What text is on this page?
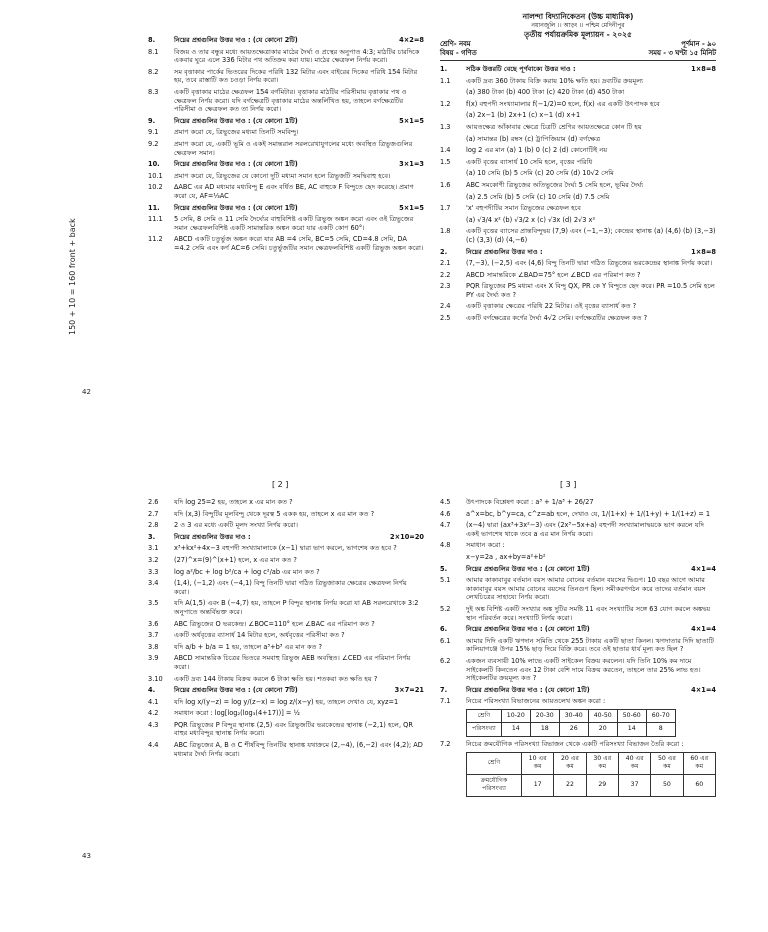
150 + 10 = 160 front + back
42
43
8.	নিম্নের প্রশ্নগুলির উত্তর দাও : (যে কোনো 2টি)	4×2=8
8.1	বিজয় ও তার বন্ধুর মধ্যে আয়তক্ষেত্রাকার মাঠের দৈর্ঘ্য ও প্রস্থের অনুপাত 4:3; মাঠটির চারদিকে একবার ঘুরে এলে 336 মিটার পথ অতিক্রম করা যায়। মাঠের ক্ষেত্রফল নির্ণয় করো।
8.2	সম বৃত্তাকার পার্কের ভিতরের দিকের পরিধি 132 মিটার এবং বাইরের দিকের পরিধি 154 মিটার হয়, তবে রাস্তাটি কত চওড়া নির্ণয় করো।
8.3	একটি বৃত্তাকার মাঠের ক্ষেত্রফল 154 বর্গমিটার। বৃত্তাকার মাঠটির পরিসীমায় বৃত্তাকার পথ ও ক্ষেত্রফল নির্ণয় করো। যদি বর্গক্ষেত্রটি বৃত্তাকার মাঠের অন্তর্লিখিত হয়, তাহলে বর্গক্ষেত্রটির পরিসীমা ও ক্ষেত্রফল কত তা নির্ণয় করো।
9.	নিম্নের প্রশ্নগুলির উত্তর দাও : (যে কোনো 1টি)	5×1=5
9.1	প্রমাণ করো যে, ত্রিভুজের মধ্যমা তিনটি সমবিন্দু।
9.2	প্রমাণ করো যে, একটি ভূমি ও একই সমান্তরাল সরলরেখাযুগলের মধ্যে অবস্থিত ত্রিভুজগুলির ক্ষেত্রফল সমান।
10.	নিম্নের প্রশ্নগুলির উত্তর দাও : (যে কোনো 1টি)	3×1=3
10.1	প্রমাণ করো যে, ত্রিভুজের যে কোনো দুটি মধ্যমা সমান হলে ত্রিভুজটি সমদ্বিবাহু হবে।
10.2	∆ABC এর AD মধ্যমার মধ্যবিন্দু E এবং বর্ধিত BE, AC বাহুকে F বিন্দুতে ছেদ করেছে। প্রমাণ করো যে, AF=⅓AC
11.	নিম্নের প্রশ্নগুলির উত্তর দাও : (যে কোনো 1টি)	5×1=5
11.1	5 সেমি, 8 সেমি ও 11 সেমি দৈর্ঘ্যের বাহুবিশিষ্ট একটি ত্রিভুজ অঙ্কন করো এবং ওই ত্রিভুজের সমান ক্ষেত্রফলবিশিষ্ট একটি সামান্তরিক অঙ্কন করো যার একটি কোণ 60°।
11.2	ABCD একটি চতুর্ভুজ অঙ্কন করো যার AB =4 সেমি, BC=5 সেমি, CD=4.8 সেমি, DA =4.2 সেমি এবং কর্ণ AC=6 সেমি। চতুর্ভুজটির সমান ক্ষেত্রফলবিশিষ্ট একটি ত্রিভুজ অঙ্কন করো।
নালন্দা বিদ্যানিকেতন (উচ্চ মাধ্যমিক)
নয়ানজুলি ।। আড়ং ।। পশ্চিম মেদিনীপুর
তৃতীয় পর্যায়ক্রমিক মূল্যায়ন - ২০২৫
শ্রেণি- নবম	পূর্ণমান - ৯০
বিষয় - গণিত	সময় - ৩ ঘণ্টা ১৫ মিনিট
1.	সঠিক উত্তরটি বেছে পূর্ণবাক্যে উত্তর দাও :	1×8=8
1.1	একটি দ্রব্য 360 টাকায় বিক্রি করায় 10% ক্ষতি হয়। দ্রব্যটির ক্রয়মূল্য
(a) 380 টাকা (b) 400 টাকা (c) 420 টাকা (d) 450 টাকা
1.2	f(x) বহুপদী সংখ্যামালার f(−1/2)=0 হলে, f(x) এর একটি উৎপাদক হবে
(a) 2x−1 (b) 2x+1 (c) x−1 (d) x+1
1.3	আয়তক্ষেত্র আঁকাবার ক্ষেত্রে চিত্রটি শ্রেণির আয়তক্ষেত্রে কোন টি হয়
(a) সামান্তর (b) রম্বস (c) ট্রাপিজিয়াম (d) বর্গক্ষেত্র
1.4	log 2 এর মান (a) 1 (b) 0 (c) 2 (d) কোনোটিই নয়
1.5	একটি বৃত্তের ব্যাসার্ধ 10 সেমি হলে, বৃত্তের পরিধি
(a) 10 সেমি (b) 5 সেমি (c) 20 সেমি (d) 10√2 সেমি
1.6	ABC সমকোণী ত্রিভুজের অতিভুজের দৈর্ঘ্য 5 সেমি হলে, ভূমির দৈর্ঘ্য
(a) 2.5 সেমি (b) 5 সেমি (c) 10 সেমি (d) 7.5 সেমি
1.7	'x' বহুপদীটির সমান ত্রিভুজের ক্ষেত্রফল হবে
(a) √3/4 x² (b) √3/2 x (c) √3x (d) 2√3 x²
1.8	একটি বৃত্তের ব্যাসের প্রান্তবিন্দুদ্বয় (7,9) এবং (−1,−3); কেন্দ্রের স্থানাঙ্ক (a) (4,6) (b) (3,−3) (c) (3,3) (d) (4,−6)
2.	নিম্নের প্রশ্নগুলির উত্তর দাও :	1×8=8
2.1	(7,−3), (−2,5) এবং (4,6) বিন্দু তিনটি দ্বারা গঠিত ত্রিভুজের ভরকেন্দ্রের স্থানাঙ্ক নির্ণয় করো।
2.2	ABCD সামান্তরিকে ∠BAD=75° হলে ∠BCD এর পরিমাপ কত ?
2.3	PQR ত্রিভুজের PS মধ্যমা এবং X বিন্দু QX, PR কে Y বিন্দুতে ছেদ করে। PR =10.5 সেমি হলে PY এর দৈর্ঘ্য কত ?
2.4	একটি বৃত্তাকার ক্ষেত্রের পরিধি 22 মিটার। ওই বৃত্তের ব্যাসার্ধ কত ?
2.5	একটি বর্গক্ষেত্রের কর্ণের দৈর্ঘ্য 4√2 সেমি। বর্গক্ষেত্রটির ক্ষেত্রফল কত ?
[ 2 ]	[ 3 ]
2.6	যদি log 25=2 হয়, তাহলে x এর মান কত ?
2.7	যদি (x,3) বিন্দুটির মূলবিন্দু থেকে দূরত্ব 5 একক হয়, তাহলে x এর মান কত ?
2.8	2 ও 3 এর মধ্যে একটি মূলদ সংখ্যা নির্ণয় করো।
3.	নিম্নের প্রশ্নগুলির উত্তর দাও :	2×10=20
3.1	x³+kx²+4x−3 বহুপদী সংখ্যামালাকে (x−1) দ্বারা ভাগ করলে, ভাগশেষ কত হবে ?
3.2	(27)^x=(9)^(x+1) হলে, x এর মান কত ?
3.3	log a²/bc + log b²/ca + log c²/ab এর মান কত ?
3.4	(1,4), (−1,2) এবং (−4,1) বিন্দু তিনটি দ্বারা গঠিত ত্রিভুজাকার ক্ষেত্রের ক্ষেত্রফল নির্ণয় করো।
3.5	যদি A(1,5) এবং B (−4,7) হয়, তাহলে P বিন্দুর স্থানাঙ্ক নির্ণয় করো যা AB সরলরেখাকে 3:2 অনুপাতে অন্তর্বিভক্ত করে।
3.6	ABC ত্রিভুজের O ভরকেন্দ্র। ∠BOC=110° হলে ∠BAC এর পরিমাপ কত ?
3.7	একটি অর্ধবৃত্তের ব্যাসার্ধ 14 মিটার হলে, অর্ধবৃত্তের পরিসীমা কত ?
3.8	যদি a/b + b/a = 1 হয়, তাহলে a³+b³ এর মান কত ?
3.9	ABCD সামান্তরিক চিত্রের ভিতরে সমবাহু ত্রিভুজ AEB অবস্থিত। ∠CED এর পরিমাপ নির্ণয় করো।
3.10	একটি দ্রব্য 144 টাকায় বিক্রয় করলে 6 টাকা ক্ষতি হয়। শতকরা কত ক্ষতি হয় ?
4.	নিম্নের প্রশ্নগুলির উত্তর দাও : (যে কোনো 7টি)	3×7=21
4.1	যদি log x/(y−z) = log y/(z−x) = log z/(x−y) হয়, তাহলে দেখাও যে, xyz=1
4.2	সমাধান করো : log[log₂(log₃(4+17))] = ½
4.3	PQR ত্রিভুজের P বিন্দুর স্থানাঙ্ক (2,5) এবং ত্রিভুজটির ভরকেন্দ্রের স্থানাঙ্ক (−2,1) হলে, QR বাহুর মধ্যবিন্দুর স্থানাঙ্ক নির্ণয় করো।
4.4	ABC ত্রিভুজের A, B ও C শীর্ষবিন্দু তিনটির স্থানাঙ্ক যথাক্রমে (2,−4), (6,−2) এবং (4,2); AD মধ্যমার দৈর্ঘ্য নির্ণয় করো।
4.5	উৎপাদকে বিশ্লেষণ করো : a³ + 1/a³ + 26/27
4.6	a^x=bc, b^y=ca, c^z=ab হলে, দেখাও যে, 1/(1+x) + 1/(1+y) + 1/(1+z) = 1
4.7	(x−4) দ্বারা (ax³+3x²−3) এবং (2x³−5x+a) বহুপদী সংখ্যামালাদ্বয়কে ভাগ করলে যদি একই ভাগশেষ থাকে তবে a এর মান নির্ণয় করো।
4.8	সমাধান করো :
x−y=2a , ax+by=a²+b²
5.	নিম্নের প্রশ্নগুলির উত্তর দাও : (যে কোনো 1টি)	4×1=4
5.1	আমার কাকাবাবুর বর্তমান বয়স আমার বোনের বর্তমান বয়সের দ্বিগুণ। 10 বছর আগে আমার কাকাবাবুর বয়স আমার বোনের বয়সের তিনগুণ ছিল। সমীকরণগঠন করে তাদের বর্তমান বয়স লেখচিত্রের সাহায্যে নির্ণয় করো।
5.2	দুই অঙ্ক বিশিষ্ট একটি সংখ্যার অঙ্ক দুটির সমষ্টি 11 এবং সংখ্যাটির সঙ্গে 63 যোগ করলে অঙ্কদ্বয় স্থান পরিবর্তন করে। সংখ্যাটি নির্ণয় করো।
6.	নিম্নের প্রশ্নগুলির উত্তর দাও : (যে কোনো 1টি)	4×1=4
6.1	আমার দিদি একটি ঋণদান সমিতি থেকে 255 টাকায় একটি ছাতা কিনল। ঋণদাতার দিদি ছাতাটি কালিয়াগঞ্জে উপর 15% ছাড় দিয়ে বিক্রি করে। তবে ওই ছাতার ধার্য মূল্য কত ছিল ?
6.2	একজন ব্যবসায়ী 10% লাভে একটি সাইকেল বিক্রয় করলেন। যদি তিনি 10% কম দামে সাইকেলটি কিনতেন এবং 12 টাকা বেশি দামে বিক্রয় করতেন, তাহলে তার 25% লাভ হত। সাইকেলটির ক্রয়মূল্য কত ?
7.	নিম্নের প্রশ্নগুলির উত্তর দাও : (যে কোনো 1টি)	4×1=4
7.1	নিচের পরিসংখ্যা বিভাজনের আয়তলেখ অঙ্কন করো :
শ্রেণি	10-20	20-30	30-40	40-50	50-60	60-70
পরিসংখ্যা	14	18	26	20	14	8
7.2	নিচের ক্রমযৌগিক পরিসংখ্যা বিভাজন থেকে একটি পরিসংখ্যা বিভাজন তৈরি করো :
শ্রেণি	10 এর কম	20 এর কম	30 এর কম	40 এর কম	50 এর কম	60 এর কম
ক্রমযৌগিক পরিসংখ্যা	17	22	29	37	50	60
